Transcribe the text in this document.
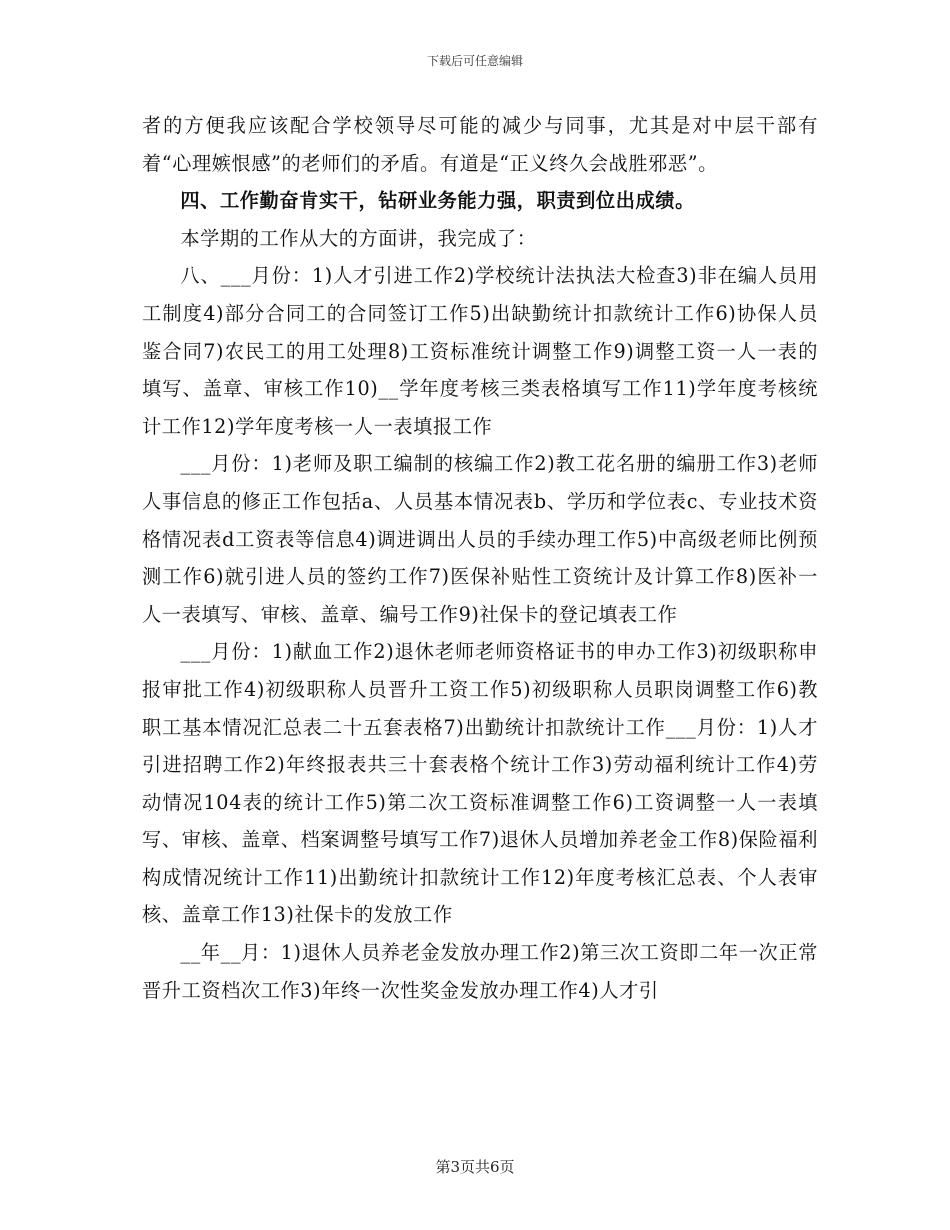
下载后可任意编辑

者的方便我应该配合学校领导尽可能的减少与同事，尤其是对中层干部有着“心理嫉恨感”的老师们的矛盾。有道是“正义终久会战胜邪恶”。

四、工作勤奋肯实干，钻研业务能力强，职责到位出成绩。

本学期的工作从大的方面讲，我完成了：

八、___月份：1)人才引进工作2)学校统计法执法大检查3)非在编人员用工制度4)部分合同工的合同签订工作5)出缺勤统计扣款统计工作6)协保人员鉴合同7)农民工的用工处理8)工资标准统计调整工作9)调整工资一人一表的填写、盖章、审核工作10)__学年度考核三类表格填写工作11)学年度考核统计工作12)学年度考核一人一表填报工作

___月份：1)老师及职工编制的核编工作2)教工花名册的编册工作3)老师人事信息的修正工作包括a、人员基本情况表b、学历和学位表c、专业技术资格情况表d工资表等信息4)调进调出人员的手续办理工作5)中高级老师比例预测工作6)就引进人员的签约工作7)医保补贴性工资统计及计算工作8)医补一人一表填写、审核、盖章、编号工作9)社保卡的登记填表工作

___月份：1)献血工作2)退休老师老师资格证书的申办工作3)初级职称申报审批工作4)初级职称人员晋升工资工作5)初级职称人员职岗调整工作6)教职工基本情况汇总表二十五套表格7)出勤统计扣款统计工作___月份：1)人才引进招聘工作2)年终报表共三十套表格个统计工作3)劳动福利统计工作4)劳动情况104表的统计工作5)第二次工资标准调整工作6)工资调整一人一表填写、审核、盖章、档案调整号填写工作7)退休人员增加养老金工作8)保险福利构成情况统计工作11)出勤统计扣款统计工作12)年度考核汇总表、个人表审核、盖章工作13)社保卡的发放工作

__年__月：1)退休人员养老金发放办理工作2)第三次工资即二年一次正常晋升工资档次工作3)年终一次性奖金发放办理工作4)人才引

第3页共6页
